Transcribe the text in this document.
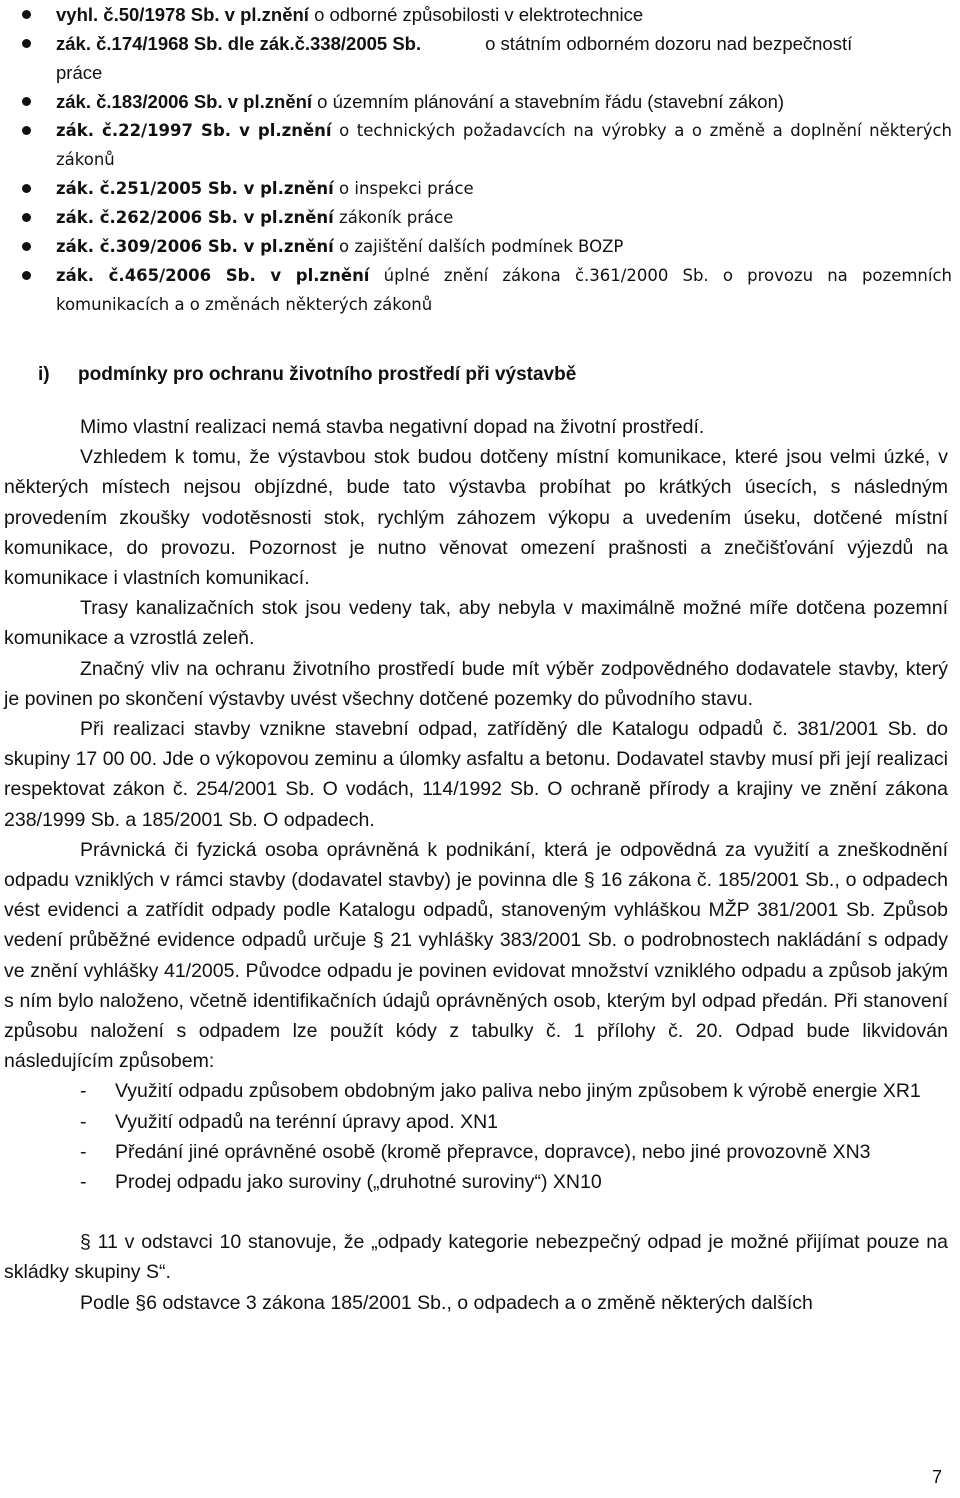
vyhl. č.50/1978 Sb. v pl.znění o odborné způsobilosti v elektrotechnice
zák. č.174/1968 Sb. dle zák.č.338/2005 Sb.	o státním odborném dozoru nad bezpečností
práce
zák. č.183/2006 Sb. v pl.znění o územním plánování a stavebním řádu (stavební zákon)
zák. č.22/1997 Sb. v pl.znění o technických požadavcích na výrobky a o změně a doplnění některých zákonů
zák. č.251/2005 Sb. v pl.znění o inspekci práce
zák. č.262/2006 Sb. v pl.znění zákoník práce
zák. č.309/2006 Sb. v pl.znění o zajištění dalších podmínek BOZP
zák. č.465/2006 Sb. v pl.znění úplné znění zákona č.361/2000 Sb. o provozu na pozemních komunikacích a o změnách některých zákonů
i) podmínky pro ochranu životního prostředí při výstavbě

Mimo vlastní realizaci nemá stavba negativní dopad na životní prostředí.

Vzhledem k tomu, že výstavbou stok budou dotčeny místní komunikace, které jsou velmi úzké, v některých místech nejsou objízdné, bude tato výstavba probíhat po krátkých úsecích, s následným provedením zkoušky vodotěsnosti stok, rychlým záhozem výkopu a uvedením úseku, dotčené místní komunikace, do provozu. Pozornost je nutno věnovat omezení prašnosti a znečišťování výjezdů na komunikace i vlastních komunikací.

Trasy kanalizačních stok jsou vedeny tak, aby nebyla v maximálně možné míře dotčena pozemní komunikace a vzrostlá zeleň.

Značný vliv na ochranu životního prostředí bude mít výběr zodpovědného dodavatele stavby, který je povinen po skončení výstavby uvést všechny dotčené pozemky do původního stavu.

Při realizaci stavby vznikne stavební odpad, zatříděný dle Katalogu odpadů č. 381/2001 Sb. do skupiny 17 00 00. Jde o výkopovou zeminu a úlomky asfaltu a betonu. Dodavatel stavby musí při její realizaci respektovat zákon č. 254/2001 Sb. O vodách, 114/1992 Sb. O ochraně přírody a krajiny ve znění zákona 238/1999 Sb. a 185/2001 Sb. O odpadech.

Právnická či fyzická osoba oprávněná k podnikání, která je odpovědná za využití a zneškodnění odpadu vzniklých v rámci stavby (dodavatel stavby) je povinna dle § 16 zákona č. 185/2001 Sb., o odpadech vést evidenci a zatřídit odpady podle Katalogu odpadů, stanoveným vyhláškou MŽP 381/2001 Sb. Způsob vedení průběžné evidence odpadů určuje § 21 vyhlášky 383/2001 Sb. o podrobnostech nakládání s odpady ve znění vyhlášky 41/2005. Původce odpadu je povinen evidovat množství vzniklého odpadu a způsob jakým s ním bylo naloženo, včetně identifikačních údajů oprávněných osob, kterým byl odpad předán. Při stanovení způsobu naložení s odpadem lze použít kódy z tabulky č. 1 přílohy č. 20. Odpad bude likvidován následujícím způsobem:

- Využití odpadu způsobem obdobným jako paliva nebo jiným způsobem k výrobě energie XR1
- Využití odpadů na terénní úpravy apod. XN1
- Předání jiné oprávněné osobě (kromě přepravce, dopravce), nebo jiné provozovně XN3
- Prodej odpadu jako suroviny („druhotné suroviny“) XN10

§ 11 v odstavci 10 stanovuje, že „odpady kategorie nebezpečný odpad je možné přijímat pouze na skládky skupiny S“.

Podle §6 odstavce 3 zákona 185/2001 Sb., o odpadech a o změně některých dalších

7
